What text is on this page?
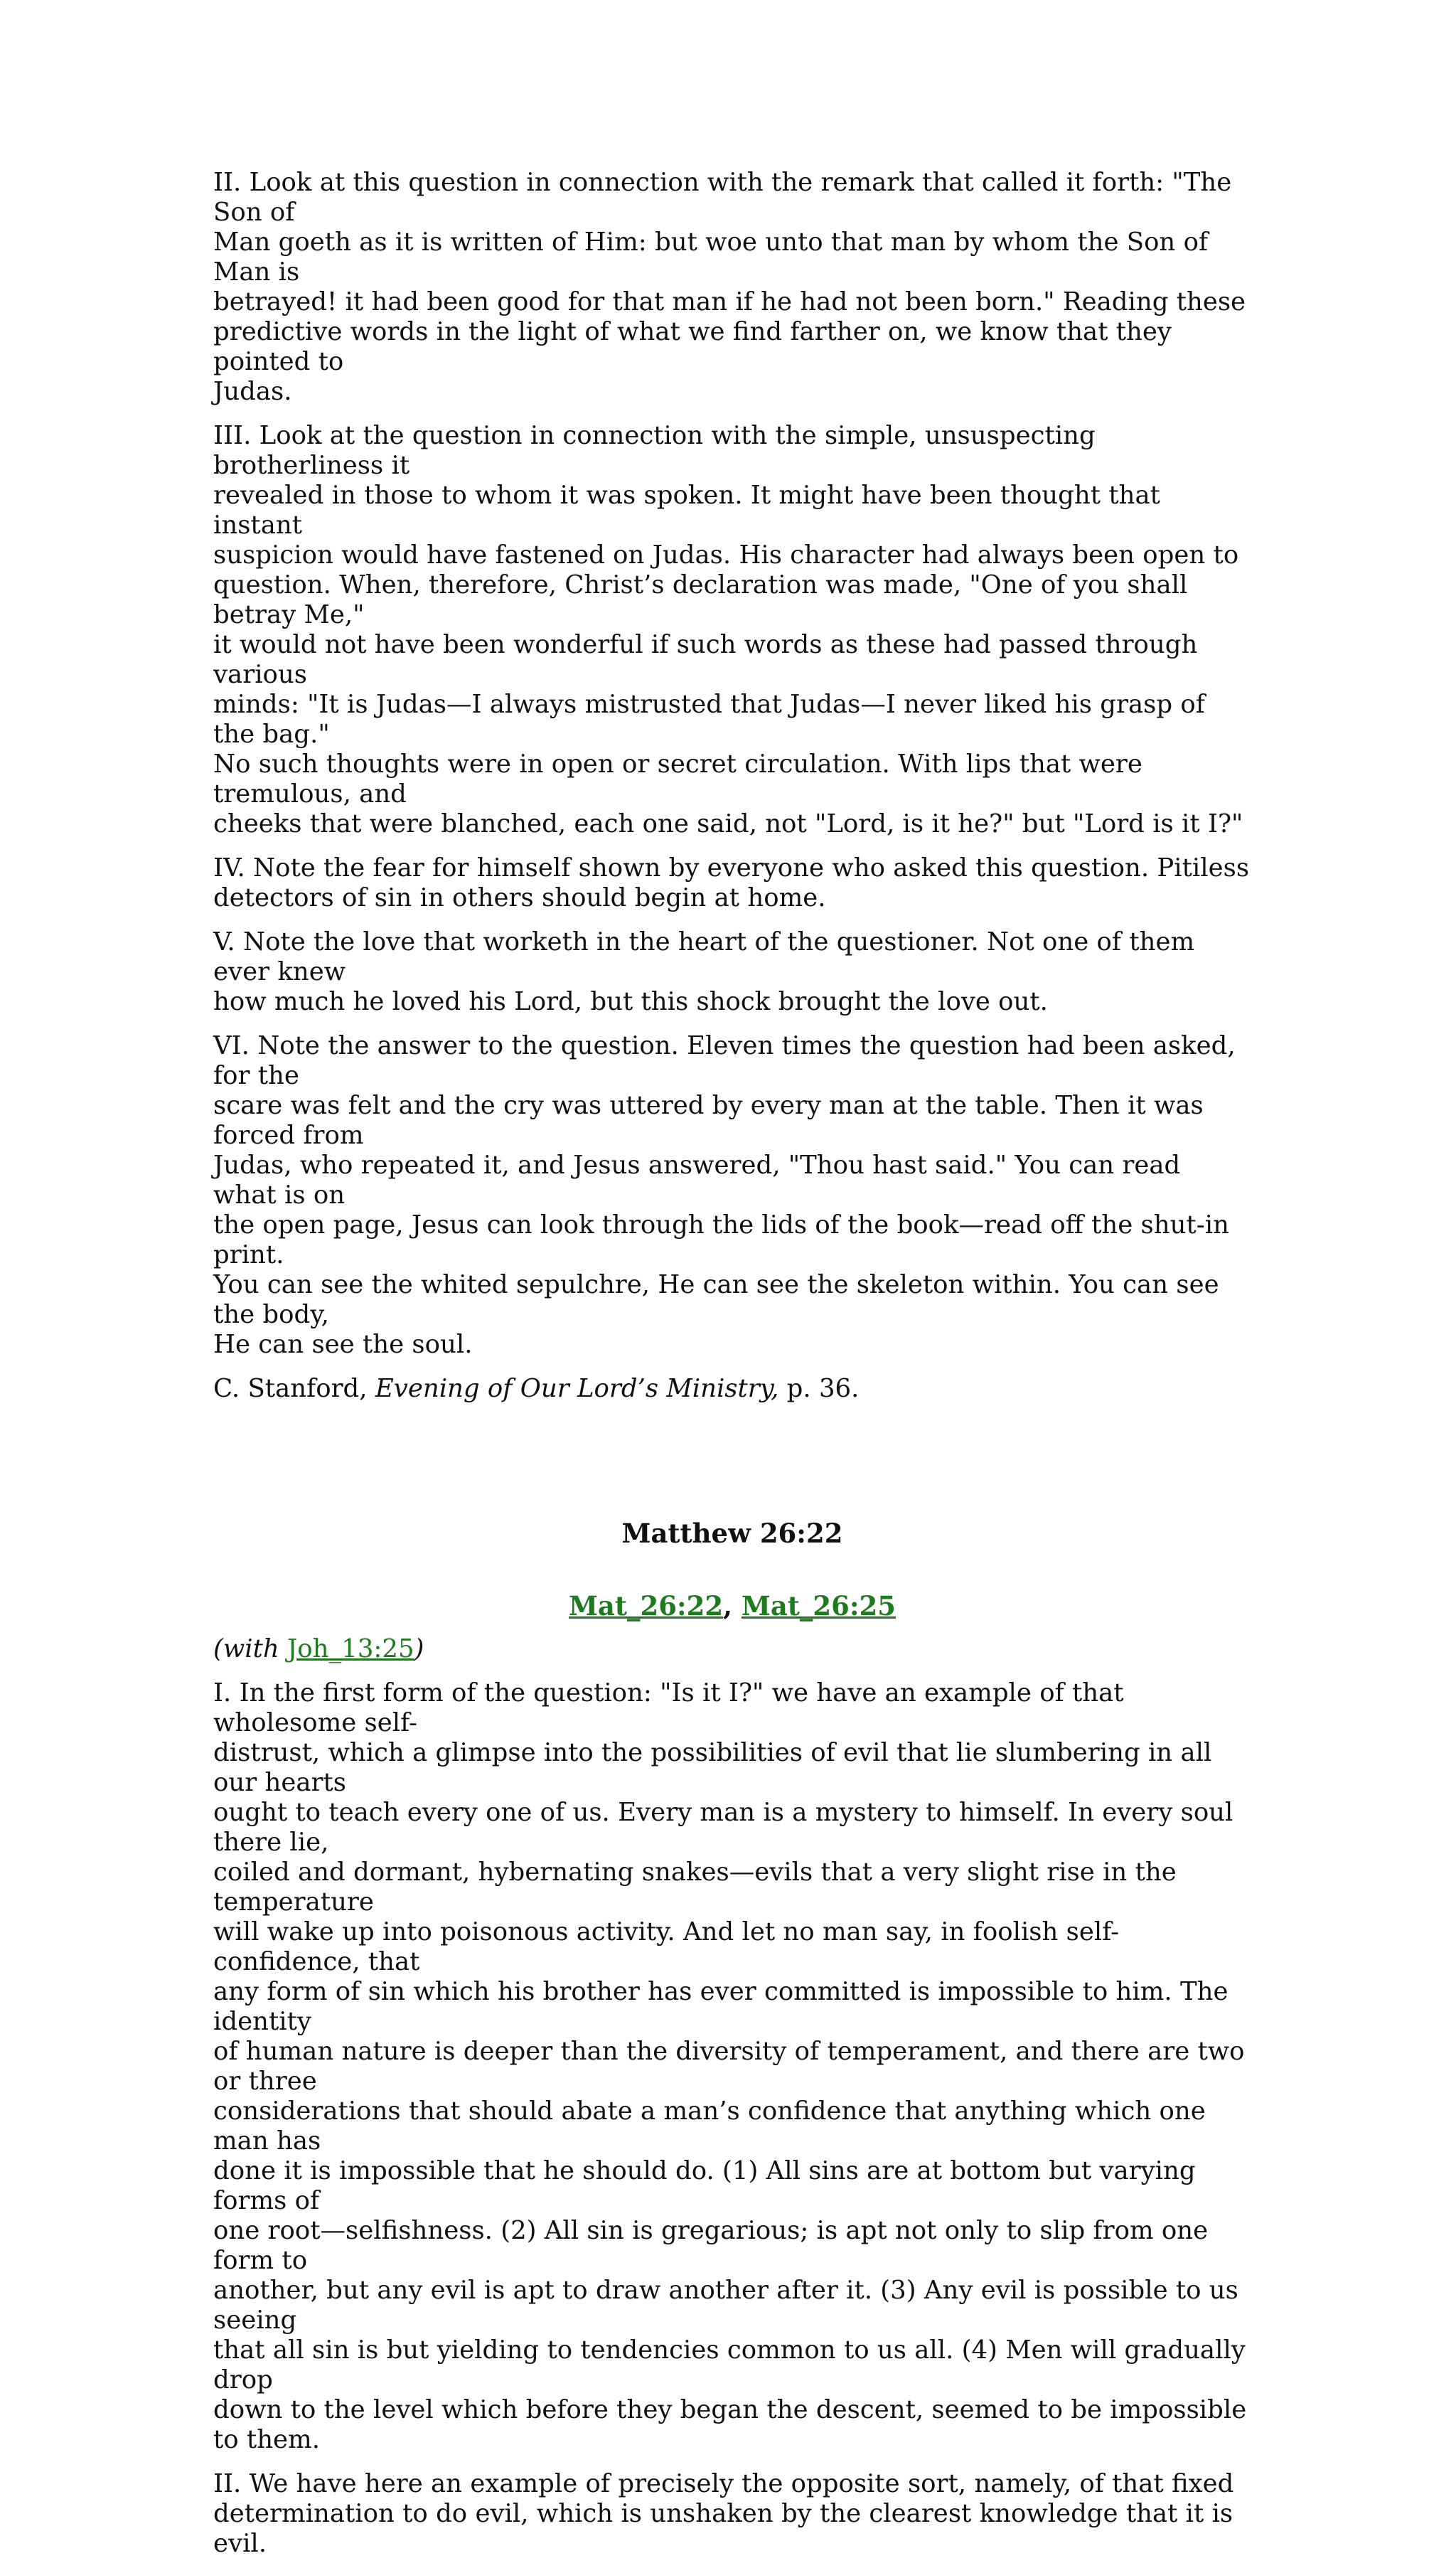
II. Look at this question in connection with the remark that called it forth: "The Son of
Man goeth as it is written of Him: but woe unto that man by whom the Son of Man is
betrayed! it had been good for that man if he had not been born." Reading these
predictive words in the light of what we find farther on, we know that they pointed to
Judas.

III. Look at the question in connection with the simple, unsuspecting brotherliness it
revealed in those to whom it was spoken. It might have been thought that instant
suspicion would have fastened on Judas. His character had always been open to
question. When, therefore, Christ’s declaration was made, "One of you shall betray Me,"
it would not have been wonderful if such words as these had passed through various
minds: "It is Judas—I always mistrusted that Judas—I never liked his grasp of the bag."
No such thoughts were in open or secret circulation. With lips that were tremulous, and
cheeks that were blanched, each one said, not "Lord, is it he?" but "Lord is it I?"

IV. Note the fear for himself shown by everyone who asked this question. Pitiless
detectors of sin in others should begin at home.

V. Note the love that worketh in the heart of the questioner. Not one of them ever knew
how much he loved his Lord, but this shock brought the love out.

VI. Note the answer to the question. Eleven times the question had been asked, for the
scare was felt and the cry was uttered by every man at the table. Then it was forced from
Judas, who repeated it, and Jesus answered, "Thou hast said." You can read what is on
the open page, Jesus can look through the lids of the book—read off the shut-in print.
You can see the whited sepulchre, He can see the skeleton within. You can see the body,
He can see the soul.

C. Stanford, Evening of Our Lord’s Ministry, p. 36.

Matthew 26:22
Mat_26:22, Mat_26:25
(with Joh_13:25)

I. In the first form of the question: "Is it I?" we have an example of that wholesome self-
distrust, which a glimpse into the possibilities of evil that lie slumbering in all our hearts
ought to teach every one of us. Every man is a mystery to himself. In every soul there lie,
coiled and dormant, hybernating snakes—evils that a very slight rise in the temperature
will wake up into poisonous activity. And let no man say, in foolish self-confidence, that
any form of sin which his brother has ever committed is impossible to him. The identity
of human nature is deeper than the diversity of temperament, and there are two or three
considerations that should abate a man’s confidence that anything which one man has
done it is impossible that he should do. (1) All sins are at bottom but varying forms of
one root—selfishness. (2) All sin is gregarious; is apt not only to slip from one form to
another, but any evil is apt to draw another after it. (3) Any evil is possible to us seeing
that all sin is but yielding to tendencies common to us all. (4) Men will gradually drop
down to the level which before they began the descent, seemed to be impossible to them.

II. We have here an example of precisely the opposite sort, namely, of that fixed
determination to do evil, which is unshaken by the clearest knowledge that it is evil.
